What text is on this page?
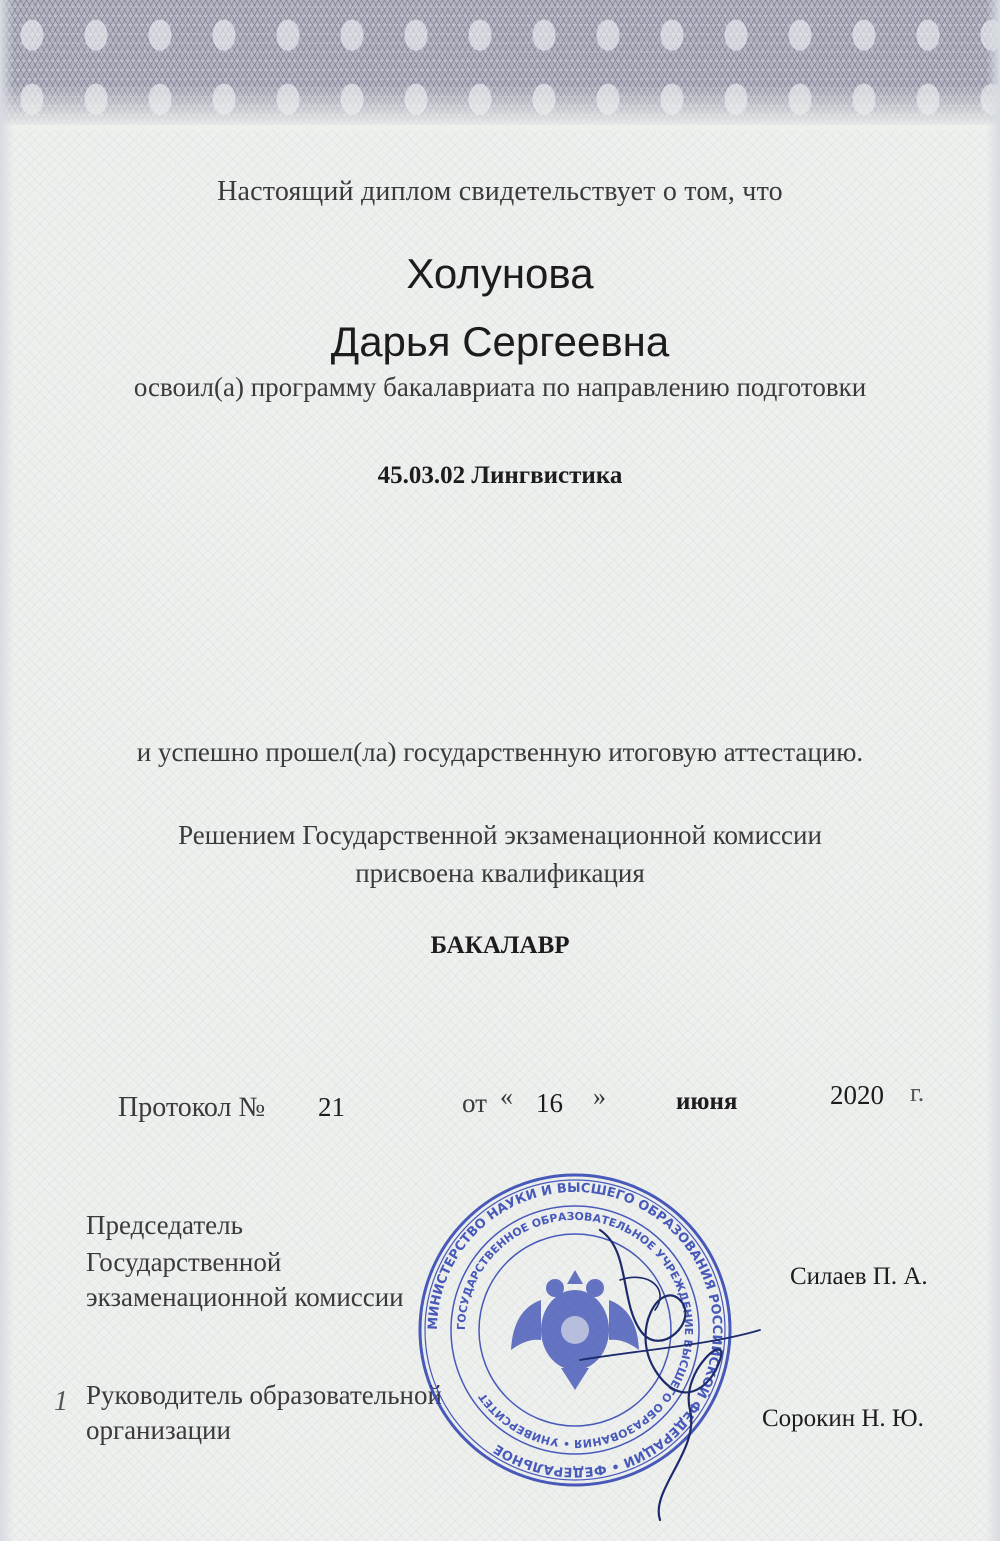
Настоящий диплом свидетельствует о том, что

Холунова

Дарья Сергеевна

освоил(а) программу бакалавриата по направлению подготовки

45.03.02 Лингвистика

и успешно прошел(ла) государственную итоговую аттестацию.

Решением Государственной экзаменационной комиссии

присвоена квалификация

БАКАЛАВР

Протокол № 21	от « 16 »	июня	2020 г.

Председатель

Государственной

экзаменационной комиссии

Руководитель образовательной

организации

1

МИНИСТЕРСТВО НАУКИ И ВЫСШЕГО ОБРАЗОВАНИЯ РОССИЙСКОЙ ФЕДЕРАЦИИ • ФЕДЕРАЛЬНОЕ
ГОСУДАРСТВЕННОЕ ОБРАЗОВАТЕЛЬНОЕ УЧРЕЖДЕНИЕ ВЫСШЕГО ОБРАЗОВАНИЯ • УНИВЕРСИТЕТ

Силаев П. А.

Сорокин Н. Ю.
